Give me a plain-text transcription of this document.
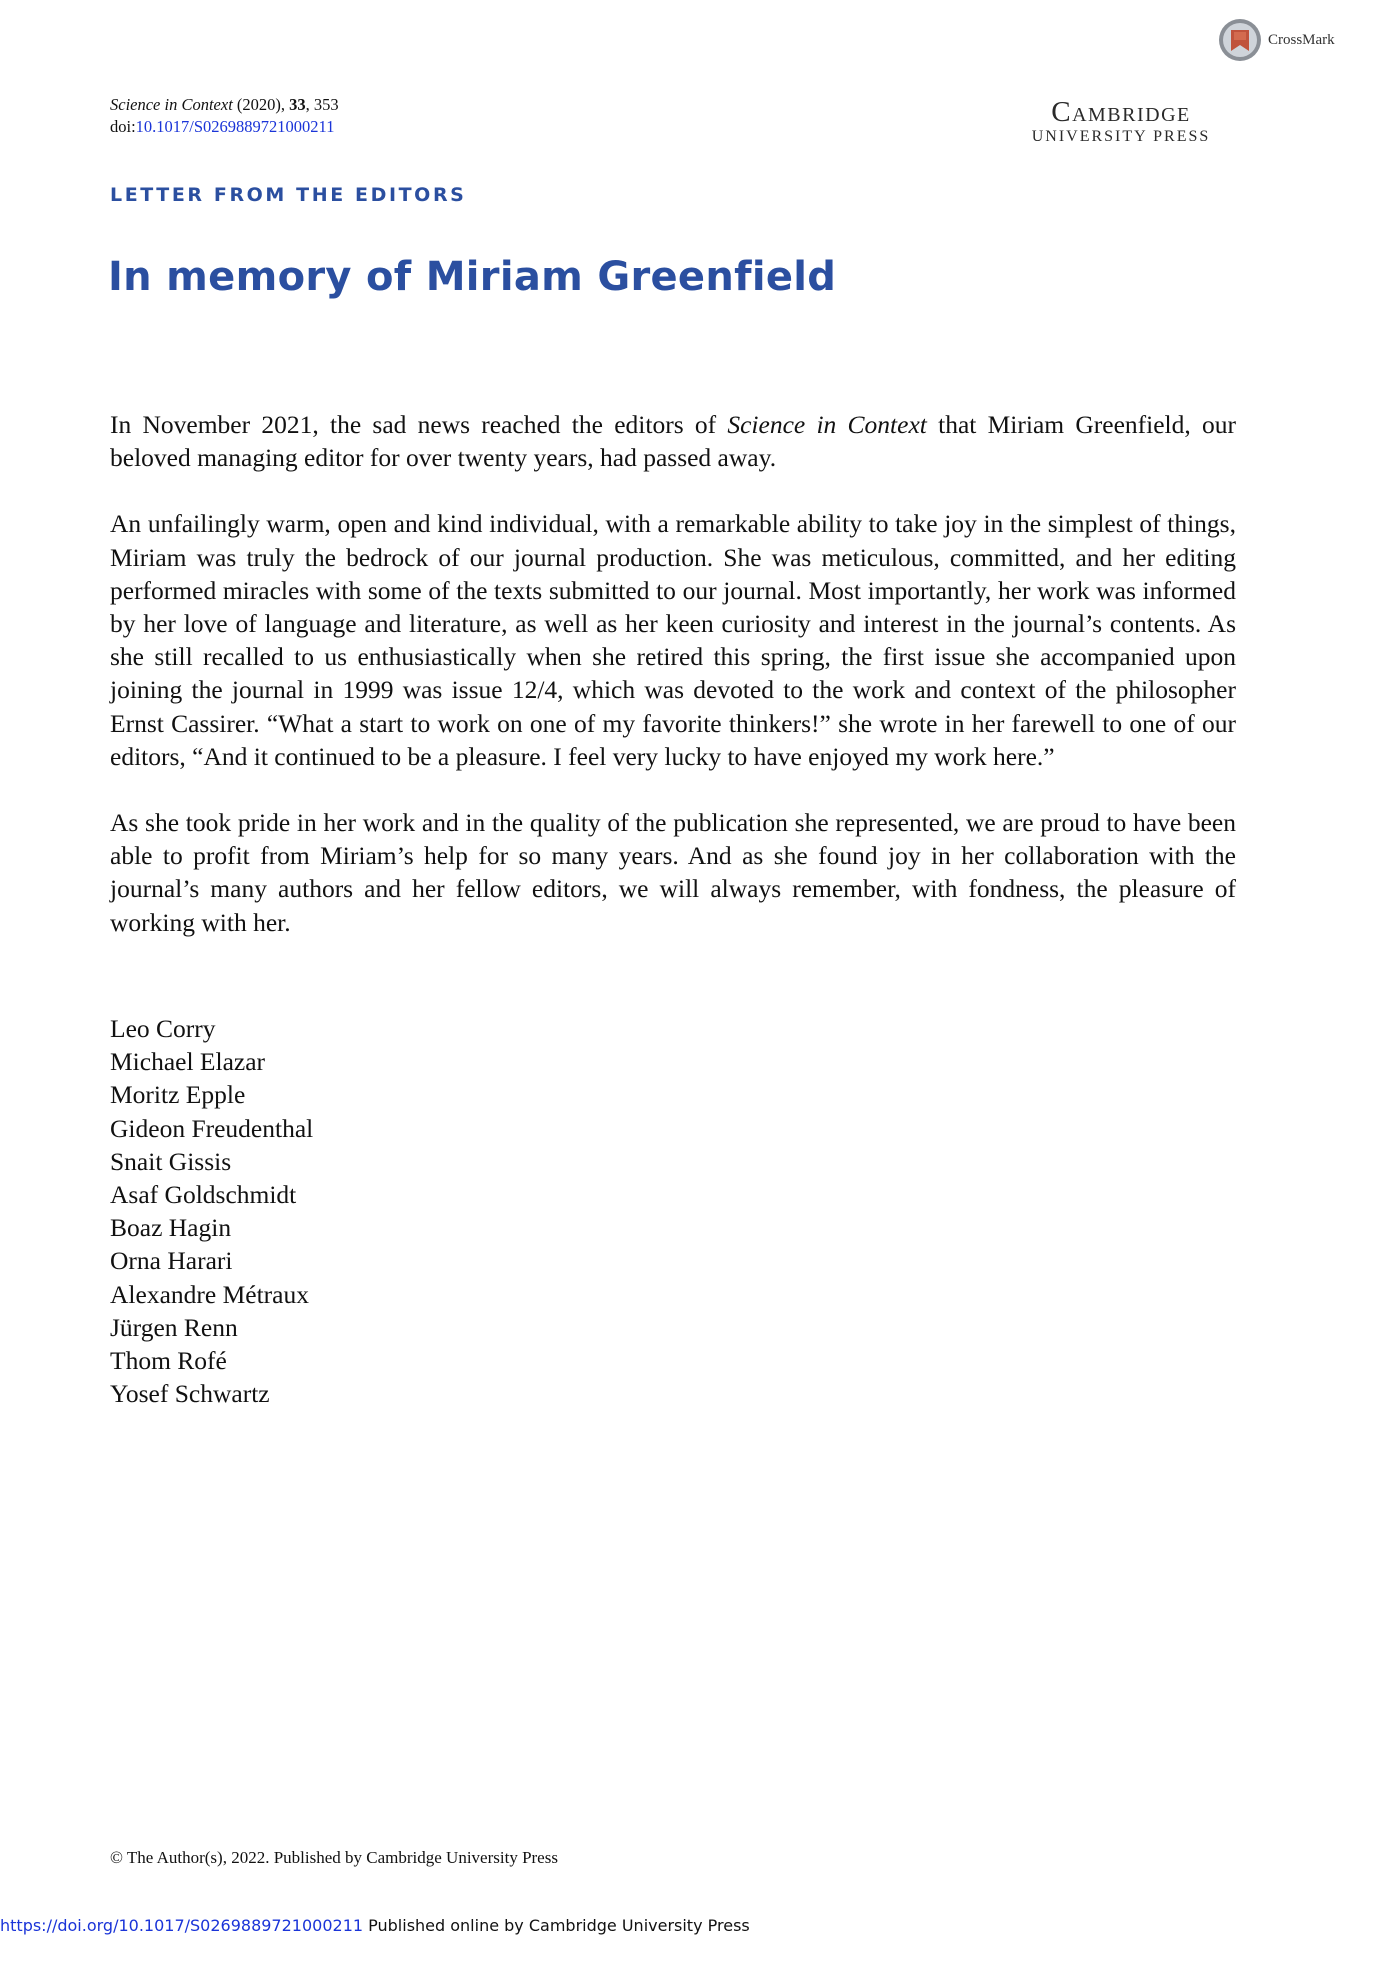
CrossMark
Science in Context (2020), 33, 353
doi:10.1017/S0269889721000211	Cambridge
UNIVERSITY PRESS
LETTER FROM THE EDITORS
In memory of Miriam Greenfield

In November 2021, the sad news reached the editors of Science in Context that Miriam Greenfield, our beloved managing editor for over twenty years, had passed away.

An unfailingly warm, open and kind individual, with a remarkable ability to take joy in the simplest of things, Miriam was truly the bedrock of our journal production. She was meticulous, committed, and her editing performed miracles with some of the texts submitted to our journal. Most importantly, her work was informed by her love of language and literature, as well as her keen curiosity and interest in the journal’s contents. As she still recalled to us enthusiastically when she retired this spring, the first issue she accompanied upon joining the journal in 1999 was issue 12/4, which was devoted to the work and context of the philosopher Ernst Cassirer. “What a start to work on one of my favorite thinkers!” she wrote in her farewell to one of our editors, “And it continued to be a pleasure. I feel very lucky to have enjoyed my work here.”

As she took pride in her work and in the quality of the publication she represented, we are proud to have been able to profit from Miriam’s help for so many years. And as she found joy in her collaboration with the journal’s many authors and her fellow editors, we will always remember, with fondness, the pleasure of working with her.

Leo Corry
Michael Elazar
Moritz Epple
Gideon Freudenthal
Snait Gissis
Asaf Goldschmidt
Boaz Hagin
Orna Harari
Alexandre Métraux
Jürgen Renn
Thom Rofé
Yosef Schwartz
© The Author(s), 2022. Published by Cambridge University Press
https://doi.org/10.1017/S0269889721000211 Published online by Cambridge University Press
